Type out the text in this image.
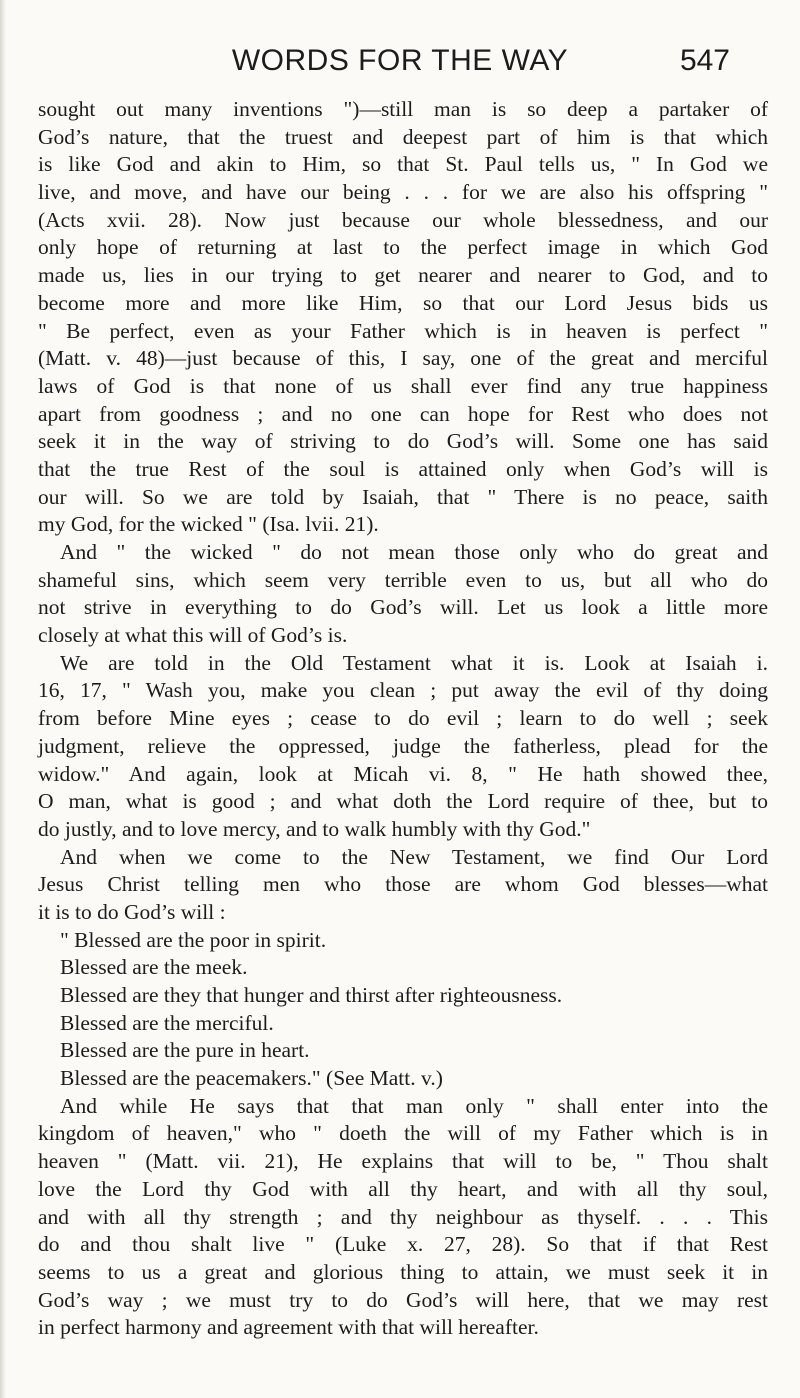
WORDS FOR THE WAY	547
sought out many inventions ")—still man is so deep a partaker of
God’s nature, that the truest and deepest part of him is that which
is like God and akin to Him, so that St. Paul tells us, " In God we
live, and move, and have our being . . . for we are also his offspring "
(Acts xvii. 28). Now just because our whole blessedness, and our
only hope of returning at last to the perfect image in which God
made us, lies in our trying to get nearer and nearer to God, and to
become more and more like Him, so that our Lord Jesus bids us
" Be perfect, even as your Father which is in heaven is perfect "
(Matt. v. 48)—just because of this, I say, one of the great and merciful
laws of God is that none of us shall ever find any true happiness
apart from goodness ; and no one can hope for Rest who does not
seek it in the way of striving to do God’s will. Some one has said
that the true Rest of the soul is attained only when God’s will is
our will. So we are told by Isaiah, that " There is no peace, saith
my God, for the wicked " (Isa. lvii. 21).
And " the wicked " do not mean those only who do great and
shameful sins, which seem very terrible even to us, but all who do
not strive in everything to do God’s will. Let us look a little more
closely at what this will of God’s is.
We are told in the Old Testament what it is. Look at Isaiah i.
16, 17, " Wash you, make you clean ; put away the evil of thy doing
from before Mine eyes ; cease to do evil ; learn to do well ; seek
judgment, relieve the oppressed, judge the fatherless, plead for the
widow." And again, look at Micah vi. 8, " He hath showed thee,
O man, what is good ; and what doth the Lord require of thee, but to
do justly, and to love mercy, and to walk humbly with thy God."
And when we come to the New Testament, we find Our Lord
Jesus Christ telling men who those are whom God blesses—what
it is to do God’s will :
" Blessed are the poor in spirit.
Blessed are the meek.
Blessed are they that hunger and thirst after righteousness.
Blessed are the merciful.
Blessed are the pure in heart.
Blessed are the peacemakers." (See Matt. v.)
And while He says that that man only " shall enter into the
kingdom of heaven," who " doeth the will of my Father which is in
heaven " (Matt. vii. 21), He explains that will to be, " Thou shalt
love the Lord thy God with all thy heart, and with all thy soul,
and with all thy strength ; and thy neighbour as thyself. . . . This
do and thou shalt live " (Luke x. 27, 28). So that if that Rest
seems to us a great and glorious thing to attain, we must seek it in
God’s way ; we must try to do God’s will here, that we may rest
in perfect harmony and agreement with that will hereafter.
